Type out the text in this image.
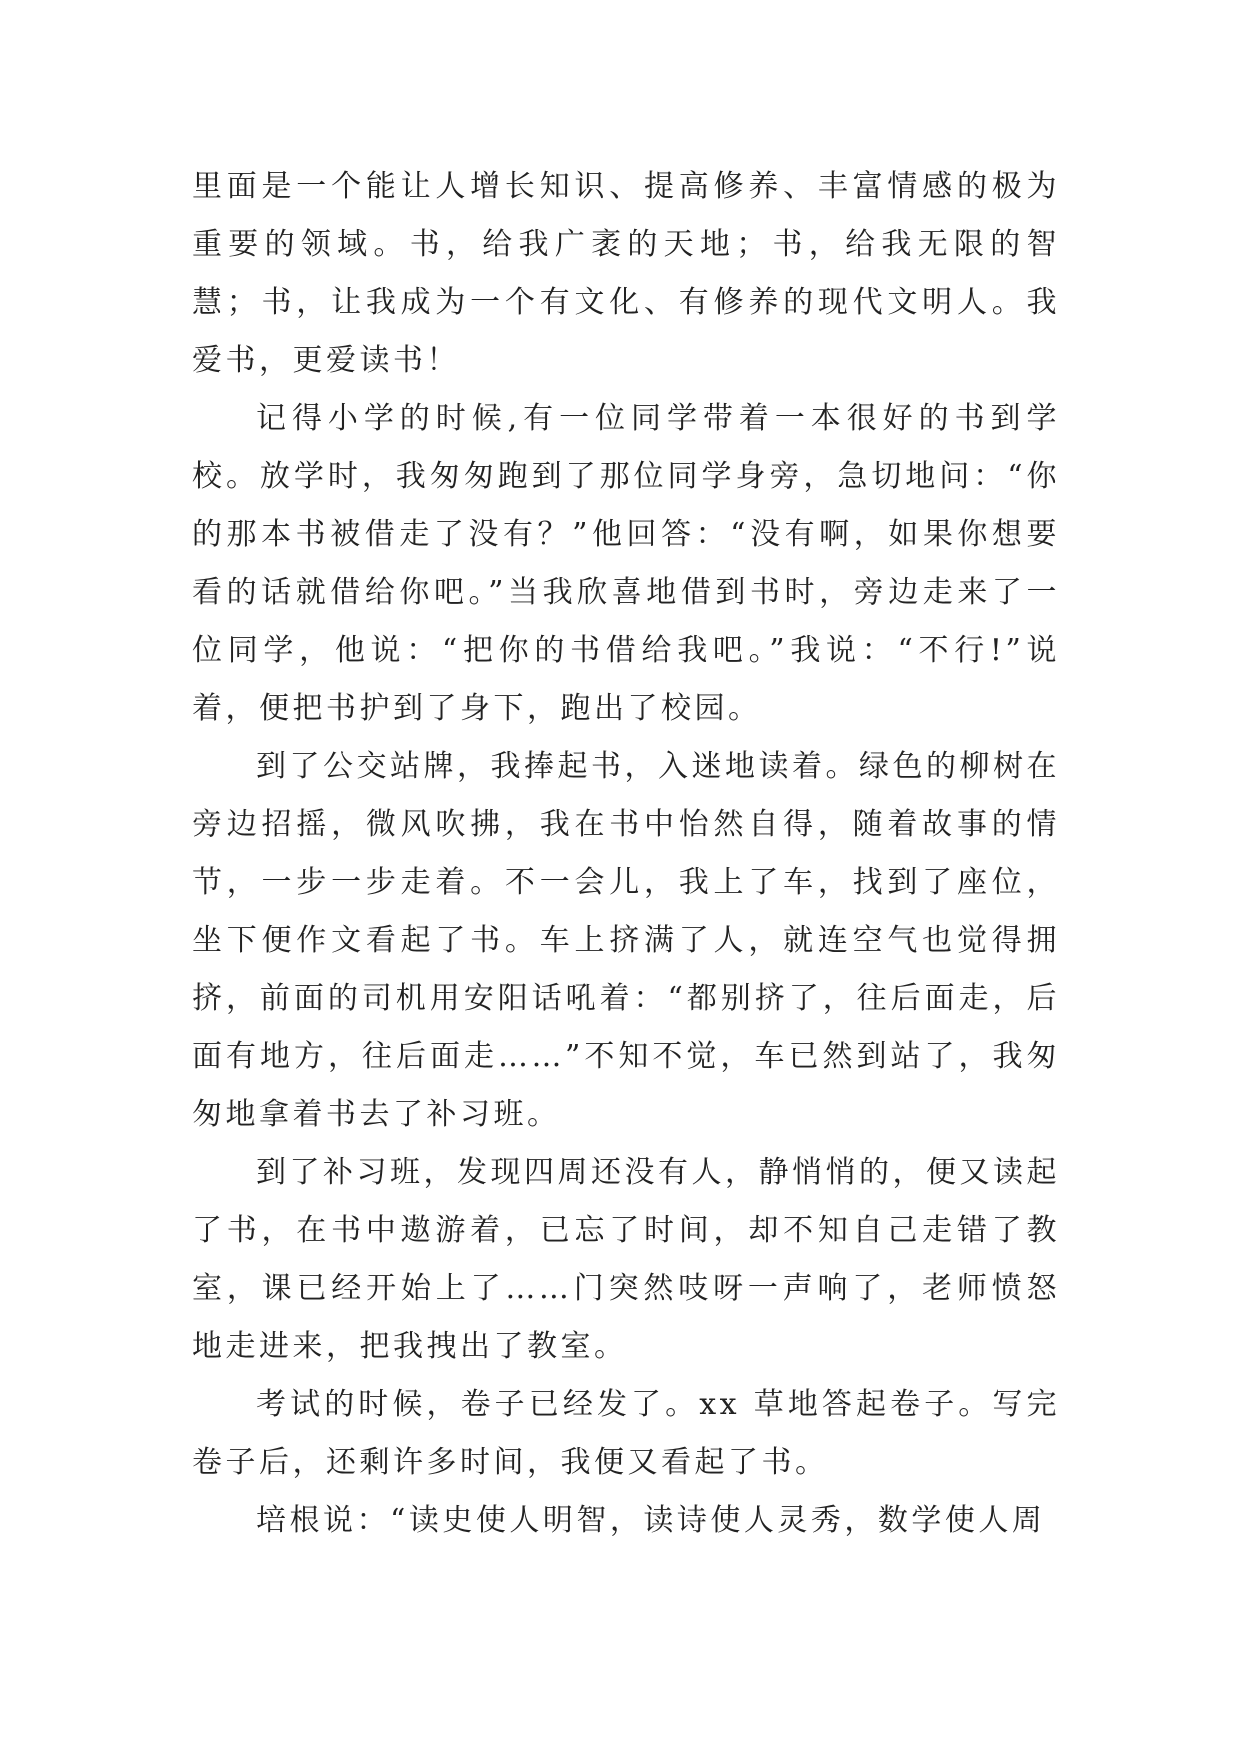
里面是一个能让人增长知识、提高修养、丰富情感的极为重要的领域。书，给我广袤的天地；书，给我无限的智慧；书，让我成为一个有文化、有修养的现代文明人。我爱书，更爱读书！

记得小学的时候,有一位同学带着一本很好的书到学校。放学时，我匆匆跑到了那位同学身旁，急切地问：“你的那本书被借走了没有？”他回答：“没有啊，如果你想要看的话就借给你吧。”当我欣喜地借到书时，旁边走来了一位同学，他说：“把你的书借给我吧。”我说：“不行!”说着，便把书护到了身下，跑出了校园。

到了公交站牌，我捧起书，入迷地读着。绿色的柳树在旁边招摇，微风吹拂，我在书中怡然自得，随着故事的情节，一步一步走着。不一会儿，我上了车，找到了座位，坐下便作文看起了书。车上挤满了人，就连空气也觉得拥挤，前面的司机用安阳话吼着：“都别挤了，往后面走，后面有地方，往后面走……”不知不觉，车已然到站了，我匆匆地拿着书去了补习班。

到了补习班，发现四周还没有人，静悄悄的，便又读起了书，在书中遨游着，已忘了时间，却不知自己走错了教室，课已经开始上了……门突然吱呀一声响了，老师愤怒地走进来，把我拽出了教室。

考试的时候，卷子已经发了。xx 草地答起卷子。写完卷子后，还剩许多时间，我便又看起了书。

培根说：“读史使人明智，读诗使人灵秀，数学使人周
